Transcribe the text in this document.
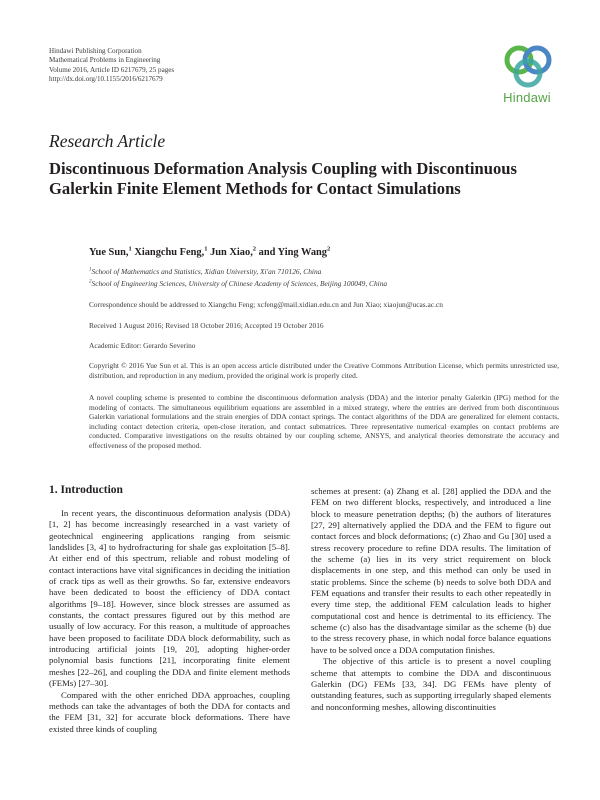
Hindawi Publishing Corporation
Mathematical Problems in Engineering
Volume 2016, Article ID 6217679, 25 pages
http://dx.doi.org/10.1155/2016/6217679
Hindawi
Research Article
Discontinuous Deformation Analysis Coupling with Discontinuous Galerkin Finite Element Methods for Contact Simulations
Yue Sun,$^1$ Xiangchu Feng,$^1$ Jun Xiao,$^2$ and Ying Wang$^2$
$^1$School of Mathematics and Statistics, Xidian University, Xi'an 710126, China
$^2$School of Engineering Sciences, University of Chinese Academy of Sciences, Beijing 100049, China
Correspondence should be addressed to Xiangchu Feng; xcfeng@mail.xidian.edu.cn and Jun Xiao; xiaojun@ucas.ac.cn
Received 1 August 2016; Revised 18 October 2016; Accepted 19 October 2016
Academic Editor: Gerardo Severino
Copyright © 2016 Yue Sun et al. This is an open access article distributed under the Creative Commons Attribution License, which permits unrestricted use, distribution, and reproduction in any medium, provided the original work is properly cited.
A novel coupling scheme is presented to combine the discontinuous deformation analysis (DDA) and the interior penalty Galerkin (IPG) method for the modeling of contacts. The simultaneous equilibrium equations are assembled in a mixed strategy, where the entries are derived from both discontinuous Galerkin variational formulations and the strain energies of DDA contact springs. The contact algorithms of the DDA are generalized for element contacts, including contact detection criteria, open-close iteration, and contact submatrices. Three representative numerical examples on contact problems are conducted. Comparative investigations on the results obtained by our coupling scheme, ANSYS, and analytical theories demonstrate the accuracy and effectiveness of the proposed method.
1. Introduction

In recent years, the discontinuous deformation analysis (DDA) [1, 2] has become increasingly researched in a vast variety of geotechnical engineering applications ranging from seismic landslides [3, 4] to hydrofracturing for shale gas exploitation [5–8]. At either end of this spectrum, reliable and robust modeling of contact interactions have vital significances in deciding the initiation of crack tips as well as their growths. So far, extensive endeavors have been dedicated to boost the efficiency of DDA contact algorithms [9–18]. However, since block stresses are assumed as constants, the contact pressures figured out by this method are usually of low accuracy. For this reason, a multitude of approaches have been proposed to facilitate DDA block deformability, such as introducing artificial joints [19, 20], adopting higher-order polynomial basis functions [21], incorporating finite element meshes [22–26], and coupling the DDA and finite element methods (FEMs) [27–30].

Compared with the other enriched DDA approaches, coupling methods can take the advantages of both the DDA for contacts and the FEM [31, 32] for accurate block deformations. There have existed three kinds of coupling

schemes at present: (a) Zhang et al. [28] applied the DDA and the FEM on two different blocks, respectively, and introduced a line block to measure penetration depths; (b) the authors of literatures [27, 29] alternatively applied the DDA and the FEM to figure out contact forces and block deformations; (c) Zhao and Gu [30] used a stress recovery procedure to refine DDA results. The limitation of the scheme (a) lies in its very strict requirement on block displacements in one step, and this method can only be used in static problems. Since the scheme (b) needs to solve both DDA and FEM equations and transfer their results to each other repeatedly in every time step, the additional FEM calculation leads to higher computational cost and hence is detrimental to its efficiency. The scheme (c) also has the disadvantage similar as the scheme (b) due to the stress recovery phase, in which nodal force balance equations have to be solved once a DDA computation finishes.

The objective of this article is to present a novel coupling scheme that attempts to combine the DDA and discontinuous Galerkin (DG) FEMs [33, 34]. DG FEMs have plenty of outstanding features, such as supporting irregularly shaped elements and nonconforming meshes, allowing discontinuities
